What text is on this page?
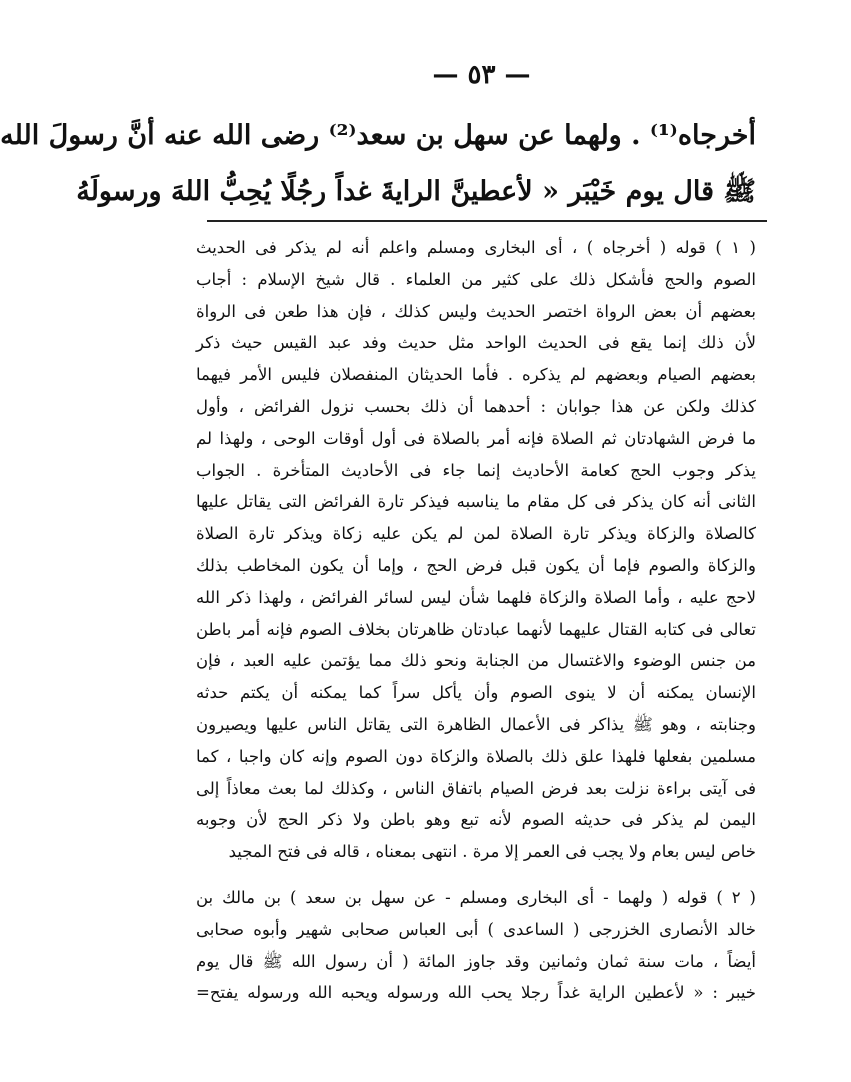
— ٥٣ —
أخرجاه⁽¹⁾ . ولهما عن سهل بن سعد⁽²⁾ رضى الله عنه أنَّ رسولَ الله
ﷺ قال يوم خَيْبَر « لأعطينَّ الرايةَ غداً رجُلًا يُحِبُّ اللهَ ورسولَهُ
( ١ ) قوله ( أخرجاه ) ، أى البخارى ومسلم واعلم أنه لم يذكر فى الحديث
الصوم والحج فأشكل ذلك على كثير من العلماء . قال شيخ الإسلام : أجاب
بعضهم أن بعض الرواة اختصر الحديث وليس كذلك ، فإن هذا طعن فى الرواة
لأن ذلك إنما يقع فى الحديث الواحد مثل حديث وفد عبد القيس حيث ذكر
بعضهم الصيام وبعضهم لم يذكره . فأما الحديثان المنفصلان فليس الأمر فيهما
كذلك ولكن عن هذا جوابان : أحدهما أن ذلك بحسب نزول الفرائض ، وأول
ما فرض الشهادتان ثم الصلاة فإنه أمر بالصلاة فى أول أوقات الوحى ، ولهذا لم
يذكر وجوب الحج كعامة الأحاديث إنما جاء فى الأحاديث المتأخرة . الجواب
الثانى أنه كان يذكر فى كل مقام ما يناسبه فيذكر تارة الفرائض التى يقاتل عليها
كالصلاة والزكاة ويذكر تارة الصلاة لمن لم يكن عليه زكاة ويذكر تارة الصلاة
والزكاة والصوم فإما أن يكون قبل فرض الحج ، وإما أن يكون المخاطب بذلك
لاحج عليه ، وأما الصلاة والزكاة فلهما شأن ليس لسائر الفرائض ، ولهذا ذكر الله
تعالى فى كتابه القتال عليهما لأنهما عبادتان ظاهرتان بخلاف الصوم فإنه أمر باطن
من جنس الوضوء والاغتسال من الجنابة ونحو ذلك مما يؤتمن عليه العبد ، فإن
الإنسان يمكنه أن لا ينوى الصوم وأن يأكل سراً كما يمكنه أن يكتم حدثه
وجنابته ، وهو ﷺ يذاكر فى الأعمال الظاهرة التى يقاتل الناس عليها ويصيرون
مسلمين بفعلها فلهذا علق ذلك بالصلاة والزكاة دون الصوم وإنه كان واجبا ، كما
فى آيتى براءة نزلت بعد فرض الصيام باتفاق الناس ، وكذلك لما بعث معاذاً إلى
اليمن لم يذكر فى حديثه الصوم لأنه تبع وهو باطن ولا ذكر الحج لأن وجوبه
خاص ليس بعام ولا يجب فى العمر إلا مرة . انتهى بمعناه ، قاله فى فتح المجيد
( ٢ ) قوله ( ولهما - أى البخارى ومسلم - عن سهل بن سعد ) بن مالك بن
خالد الأنصارى الخزرجى ( الساعدى ) أبى العباس صحابى شهير وأبوه صحابى
أيضاً ، مات سنة ثمان وثمانين وقد جاوز المائة ( أن رسول الله ﷺ قال يوم
خيبر : « لأعطين الراية غداً رجلا يحب الله ورسوله ويحبه الله ورسوله يفتح=
